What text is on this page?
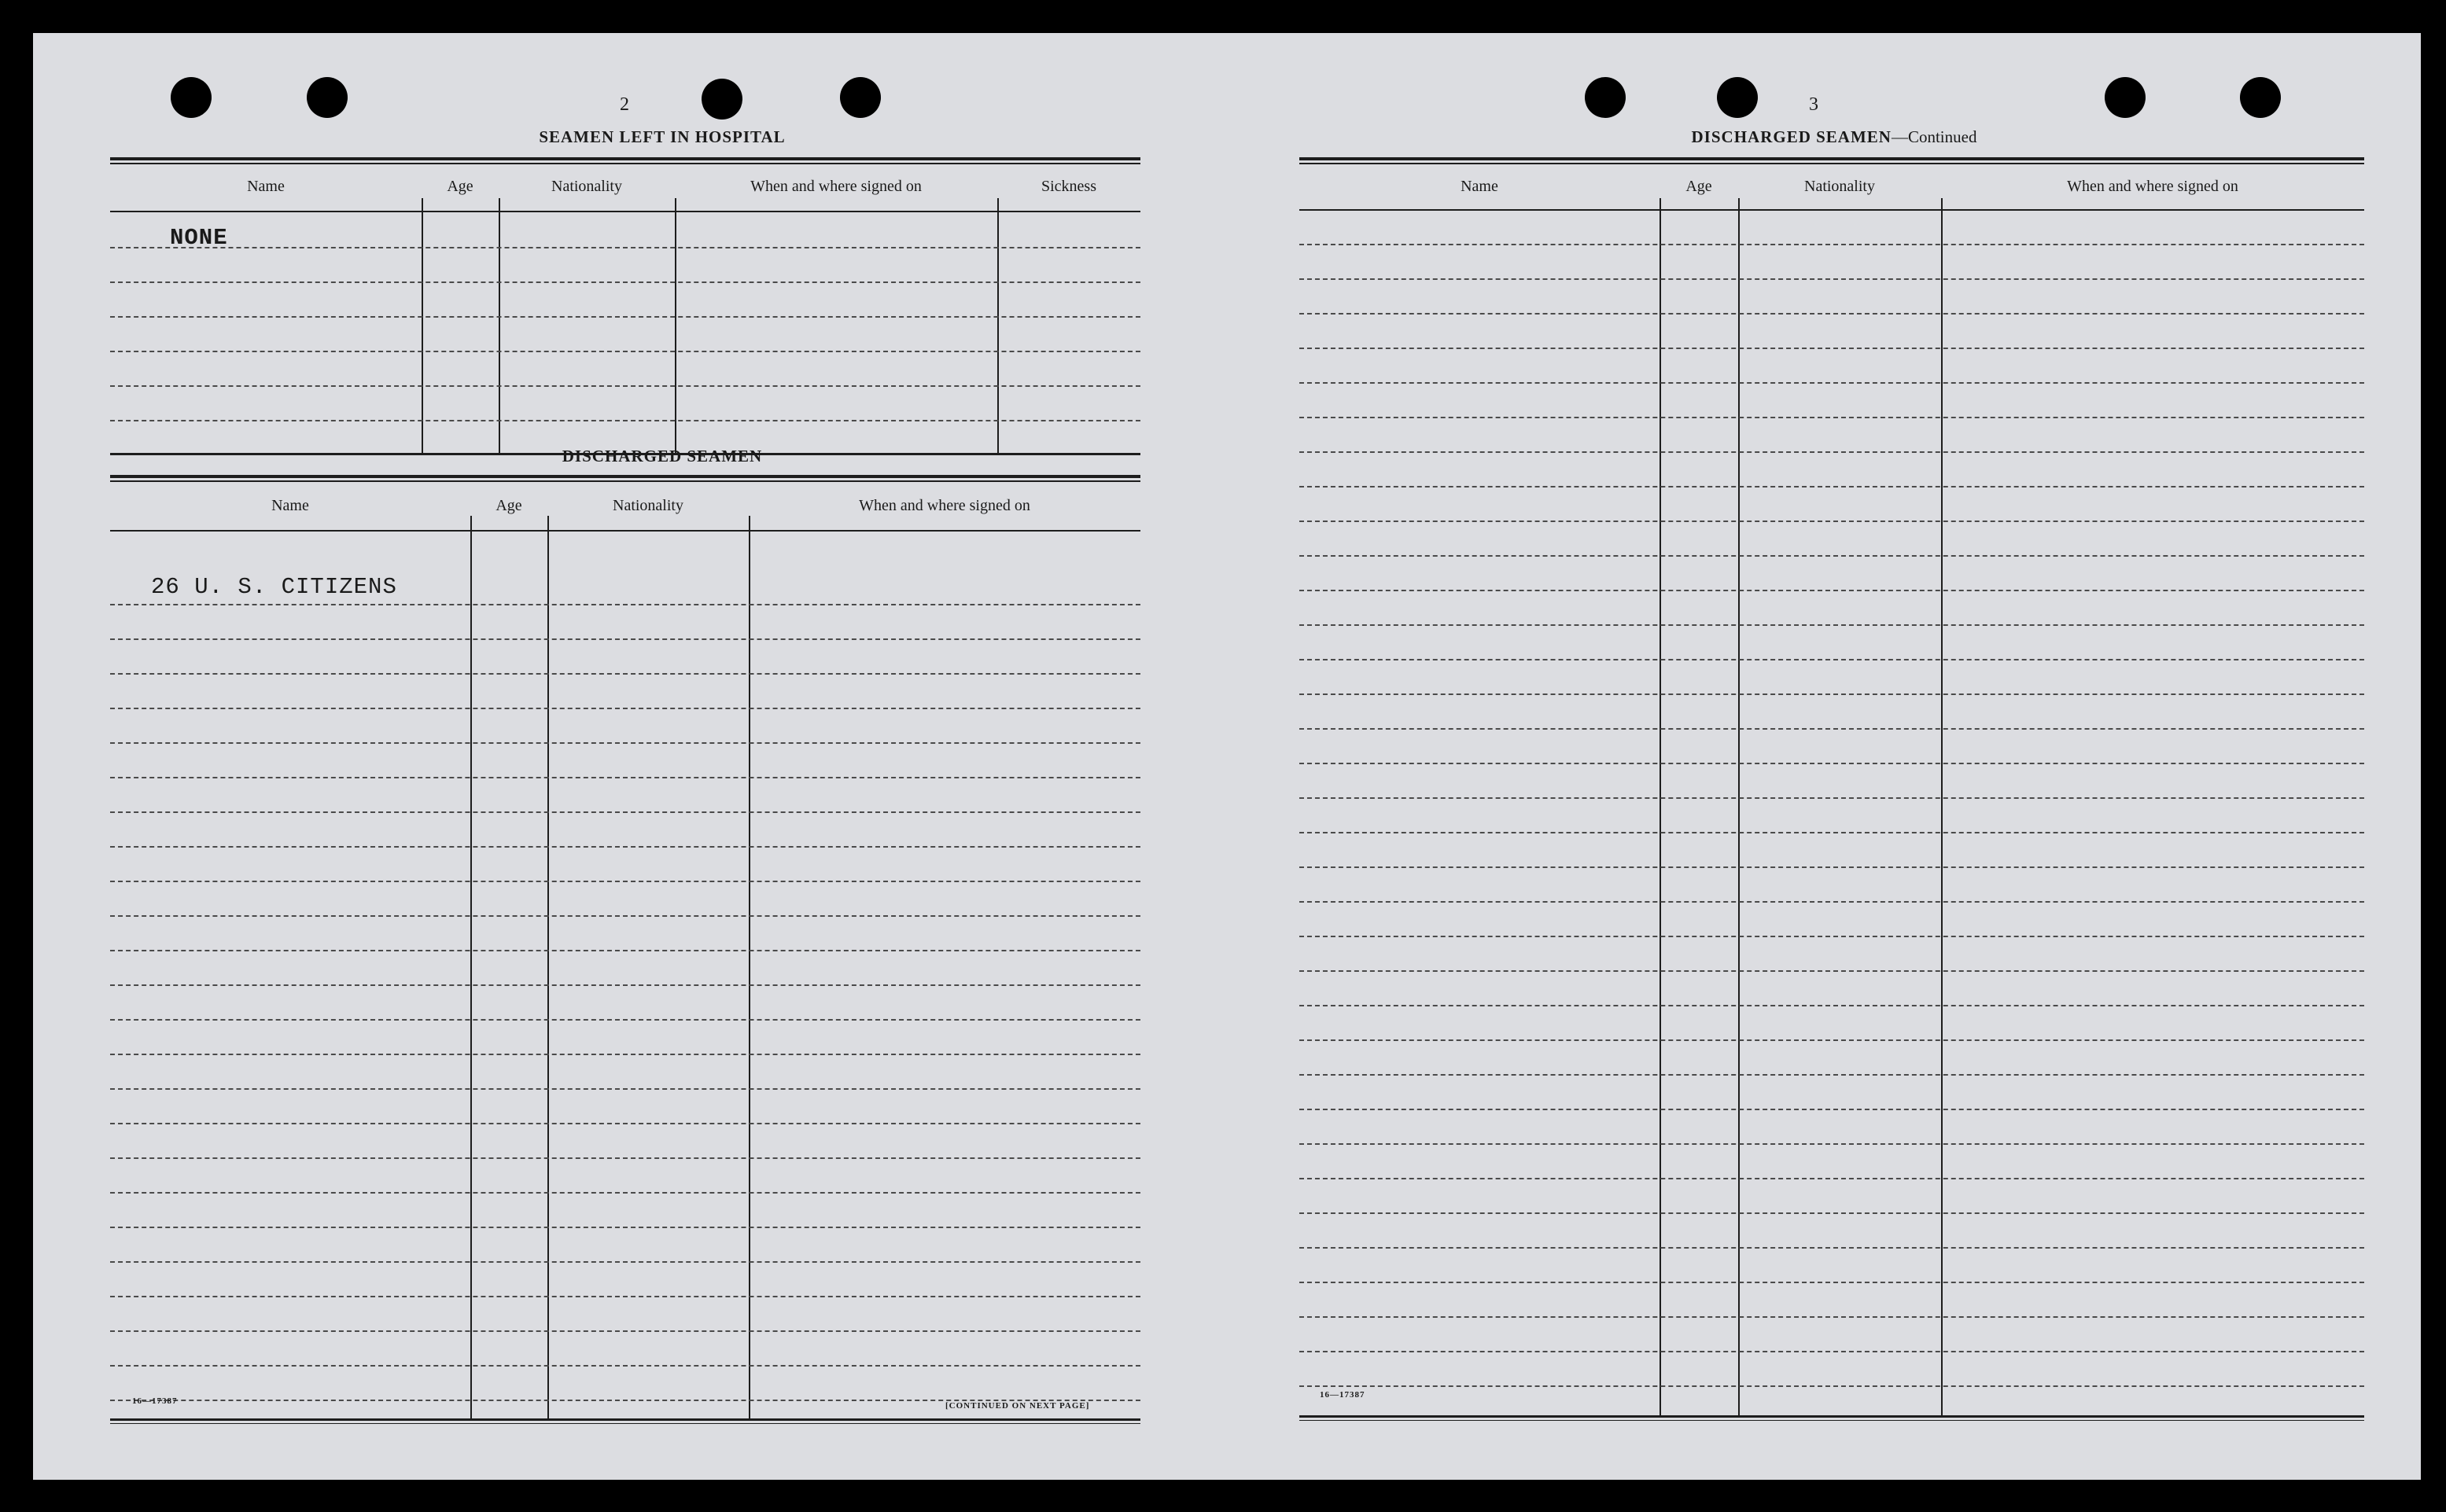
2
SEAMEN LEFT IN HOSPITAL
Name	Age	Nationality	When and where signed on	Sickness
NONE
DISCHARGED SEAMEN
Name	Age	Nationality	When and where signed on
26 U. S. CITIZENS
16—17387	[CONTINUED ON NEXT PAGE]
3
DISCHARGED SEAMEN—Continued
Name	Age	Nationality	When and where signed on
16—17387
